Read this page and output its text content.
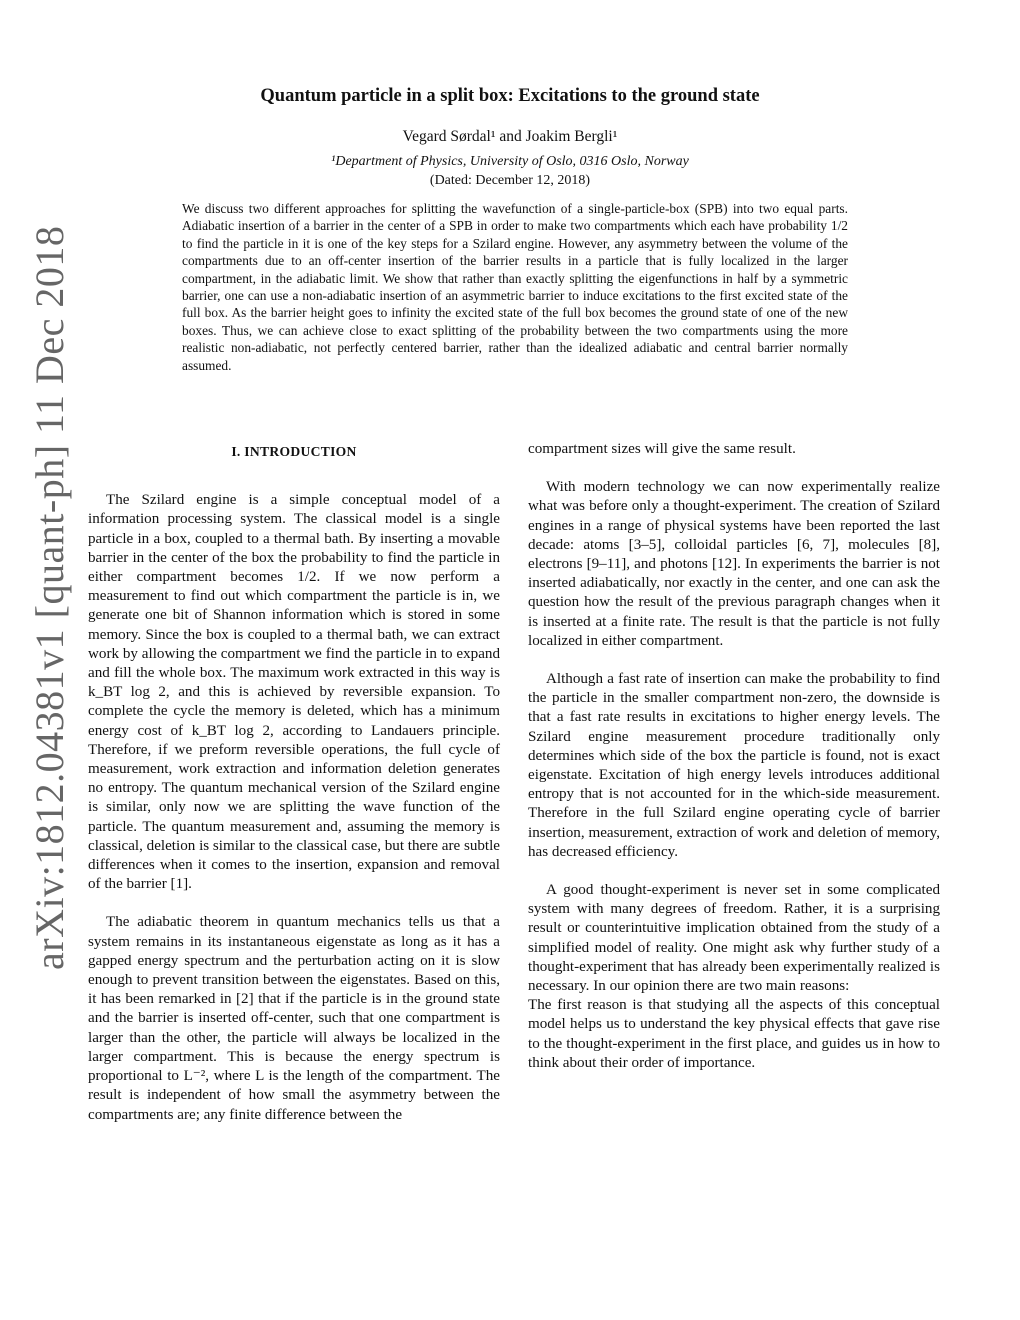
arXiv:1812.04381v1 [quant-ph] 11 Dec 2018
Quantum particle in a split box: Excitations to the ground state
Vegard Sørdal¹ and Joakim Bergli¹
¹Department of Physics, University of Oslo, 0316 Oslo, Norway
(Dated: December 12, 2018)
We discuss two different approaches for splitting the wavefunction of a single-particle-box (SPB) into two equal parts. Adiabatic insertion of a barrier in the center of a SPB in order to make two compartments which each have probability 1/2 to find the particle in it is one of the key steps for a Szilard engine. However, any asymmetry between the volume of the compartments due to an off-center insertion of the barrier results in a particle that is fully localized in the larger compartment, in the adiabatic limit. We show that rather than exactly splitting the eigenfunctions in half by a symmetric barrier, one can use a non-adiabatic insertion of an asymmetric barrier to induce excitations to the first excited state of the full box. As the barrier height goes to infinity the excited state of the full box becomes the ground state of one of the new boxes. Thus, we can achieve close to exact splitting of the probability between the two compartments using the more realistic non-adiabatic, not perfectly centered barrier, rather than the idealized adiabatic and central barrier normally assumed.
I. INTRODUCTION

The Szilard engine is a simple conceptual model of a information processing system. The classical model is a single particle in a box, coupled to a thermal bath. By inserting a movable barrier in the center of the box the probability to find the particle in either compartment becomes 1/2. If we now perform a measurement to find out which compartment the particle is in, we generate one bit of Shannon information which is stored in some memory. Since the box is coupled to a thermal bath, we can extract work by allowing the compartment we find the particle in to expand and fill the whole box. The maximum work extracted in this way is k_BT log 2, and this is achieved by reversible expansion. To complete the cycle the memory is deleted, which has a minimum energy cost of k_BT log 2, according to Landauers principle. Therefore, if we preform reversible operations, the full cycle of measurement, work extraction and information deletion generates no entropy. The quantum mechanical version of the Szilard engine is similar, only now we are splitting the wave function of the particle. The quantum measurement and, assuming the memory is classical, deletion is similar to the classical case, but there are subtle differences when it comes to the insertion, expansion and removal of the barrier [1].

The adiabatic theorem in quantum mechanics tells us that a system remains in its instantaneous eigenstate as long as it has a gapped energy spectrum and the perturbation acting on it is slow enough to prevent transition between the eigenstates. Based on this, it has been remarked in [2] that if the particle is in the ground state and the barrier is inserted off-center, such that one compartment is larger than the other, the particle will always be localized in the larger compartment. This is because the energy spectrum is proportional to L⁻², where L is the length of the compartment. The result is independent of how small the asymmetry between the compartments are; any finite difference between the

compartment sizes will give the same result.

With modern technology we can now experimentally realize what was before only a thought-experiment. The creation of Szilard engines in a range of physical systems have been reported the last decade: atoms [3–5], colloidal particles [6, 7], molecules [8], electrons [9–11], and photons [12]. In experiments the barrier is not inserted adiabatically, nor exactly in the center, and one can ask the question how the result of the previous paragraph changes when it is inserted at a finite rate. The result is that the particle is not fully localized in either compartment.

Although a fast rate of insertion can make the probability to find the particle in the smaller compartment non-zero, the downside is that a fast rate results in excitations to higher energy levels. The Szilard engine measurement procedure traditionally only determines which side of the box the particle is found, not is exact eigenstate. Excitation of high energy levels introduces additional entropy that is not accounted for in the which-side measurement. Therefore in the full Szilard engine operating cycle of barrier insertion, measurement, extraction of work and deletion of memory, has decreased efficiency.

A good thought-experiment is never set in some complicated system with many degrees of freedom. Rather, it is a surprising result or counterintuitive implication obtained from the study of a simplified model of reality. One might ask why further study of a thought-experiment that has already been experimentally realized is necessary. In our opinion there are two main reasons:

The first reason is that studying all the aspects of this conceptual model helps us to understand the key physical effects that gave rise to the thought-experiment in the first place, and guides us in how to think about their order of importance.
